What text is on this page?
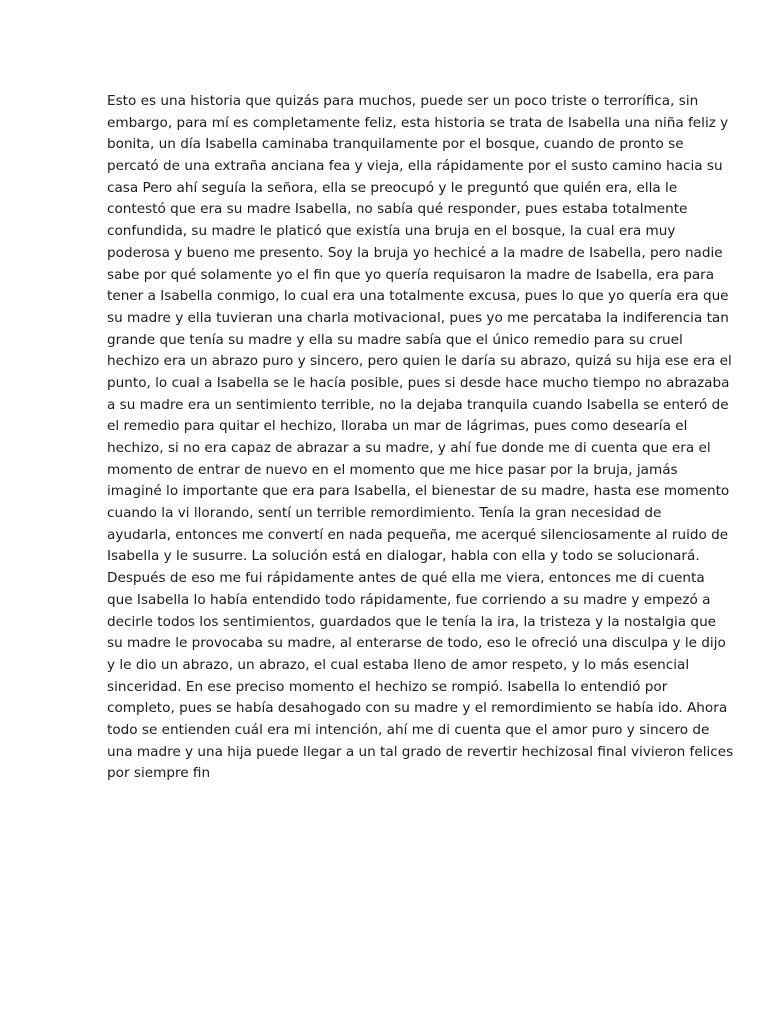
Esto es una historia que quizás para muchos, puede ser un poco triste o terrorífica, sin
embargo, para mí es completamente feliz, esta historia se trata de Isabella una niña feliz y
bonita, un día Isabella caminaba tranquilamente por el bosque, cuando de pronto se
percató de una extraña anciana fea y vieja, ella rápidamente por el susto camino hacia su
casa Pero ahí seguía la señora, ella se preocupó y le preguntó que quién era, ella le
contestó que era su madre Isabella, no sabía qué responder, pues estaba totalmente
confundida, su madre le platicó que existía una bruja en el bosque, la cual era muy
poderosa y bueno me presento. Soy la bruja yo hechicé a la madre de Isabella, pero nadie
sabe por qué solamente yo el fin que yo quería requisaron la madre de Isabella, era para
tener a Isabella conmigo, lo cual era una totalmente excusa, pues lo que yo quería era que
su madre y ella tuvieran una charla motivacional, pues yo me percataba la indiferencia tan
grande que tenía su madre y ella su madre sabía que el único remedio para su cruel
hechizo era un abrazo puro y sincero, pero quien le daría su abrazo, quizá su hija ese era el
punto, lo cual a Isabella se le hacía posible, pues si desde hace mucho tiempo no abrazaba
a su madre era un sentimiento terrible, no la dejaba tranquila cuando Isabella se enteró de
el remedio para quitar el hechizo, lloraba un mar de lágrimas, pues como desearía el
hechizo, si no era capaz de abrazar a su madre, y ahí fue donde me di cuenta que era el
momento de entrar de nuevo en el momento que me hice pasar por la bruja, jamás
imaginé lo importante que era para Isabella, el bienestar de su madre, hasta ese momento
cuando la vi llorando, sentí un terrible remordimiento. Tenía la gran necesidad de
ayudarla, entonces me convertí en nada pequeña, me acerqué silenciosamente al ruido de
Isabella y le susurre. La solución está en dialogar, habla con ella y todo se solucionará.
Después de eso me fui rápidamente antes de qué ella me viera, entonces me di cuenta
que Isabella lo había entendido todo rápidamente, fue corriendo a su madre y empezó a
decirle todos los sentimientos, guardados que le tenía la ira, la tristeza y la nostalgia que
su madre le provocaba su madre, al enterarse de todo, eso le ofreció una disculpa y le dijo
y le dio un abrazo, un abrazo, el cual estaba lleno de amor respeto, y lo más esencial
sinceridad. En ese preciso momento el hechizo se rompió. Isabella lo entendió por
completo, pues se había desahogado con su madre y el remordimiento se había ido. Ahora
todo se entienden cuál era mi intención, ahí me di cuenta que el amor puro y sincero de
una madre y una hija puede llegar a un tal grado de revertir hechizosal final vivieron felices
por siempre fin
